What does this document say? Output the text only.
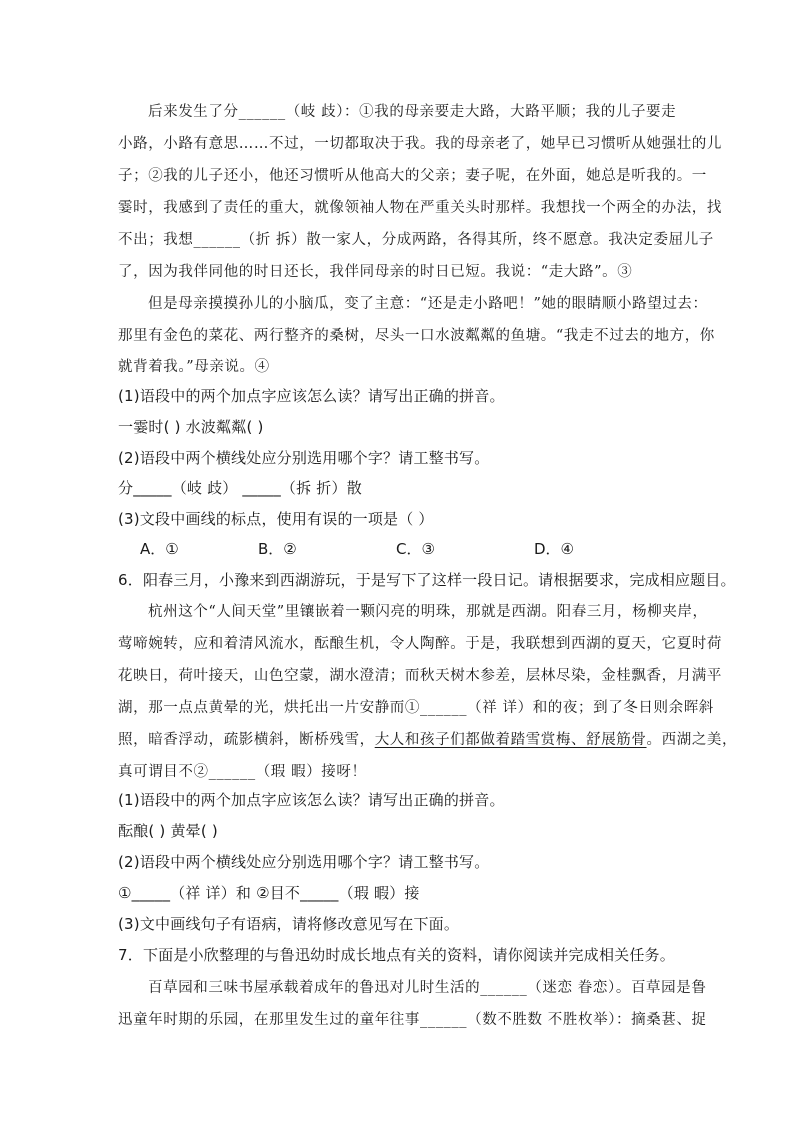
后来发生了分______（岐 歧）：①我的母亲要走大路，大路平顺；我的儿子要走
小路，小路有意思……不过，一切都取决于我。我的母亲老了，她早已习惯听从她强壮的儿
子；②我的儿子还小，他还习惯听从他高大的父亲；妻子呢，在外面，她总是听我的。一
霎时，我感到了责任的重大，就像领袖人物在严重关头时那样。我想找一个两全的办法，找
不出；我想______（折 拆）散一家人，分成两路，各得其所，终不愿意。我决定委屈儿子
了，因为我伴同他的时日还长，我伴同母亲的时日已短。我说：“走大路”。③
但是母亲摸摸孙儿的小脑瓜，变了主意：“还是走小路吧！”她的眼睛顺小路望过去：
那里有金色的菜花、两行整齐的桑树，尽头一口水波粼粼的鱼塘。“我走不过去的地方，你
就背着我。”母亲说。④
(1)语段中的两个加点字应该怎么读？请写出正确的拼音。
一霎时( ) 水波粼粼( )
(2)语段中两个横线处应分别选用哪个字？请工整书写。
分_____（岐 歧） _____（拆 折）散
(3)文段中画线的标点，使用有误的一项是（ ）
A．①	B．②	C．③	D．④
6．阳春三月，小豫来到西湖游玩，于是写下了这样一段日记。请根据要求，完成相应题目。
杭州这个“人间天堂”里镶嵌着一颗闪亮的明珠，那就是西湖。阳春三月，杨柳夹岸，
莺啼婉转，应和着清风流水，酝酿生机，令人陶醉。于是，我联想到西湖的夏天，它夏时荷
花映日，荷叶接天，山色空蒙，湖水澄清；而秋天树木参差，层林尽染，金桂飘香，月满平
湖，那一点点黄晕的光，烘托出一片安静而①______（祥 详）和的夜；到了冬日则余晖斜
照，暗香浮动，疏影横斜，断桥残雪，大人和孩子们都做着踏雪赏梅、舒展筋骨。西湖之美，
真可谓目不②______（瑕 暇）接呀！
(1)语段中的两个加点字应该怎么读？请写出正确的拼音。
酝酿( ) 黄晕( )
(2)语段中两个横线处应分别选用哪个字？请工整书写。
①_____（祥 详）和 ②目不_____（瑕 暇）接
(3)文中画线句子有语病，请将修改意见写在下面。
7．下面是小欣整理的与鲁迅幼时成长地点有关的资料，请你阅读并完成相关任务。
百草园和三味书屋承载着成年的鲁迅对儿时生活的______（迷恋 眷恋）。百草园是鲁
迅童年时期的乐园，在那里发生过的童年往事______（数不胜数 不胜枚举）：摘桑葚、捉
